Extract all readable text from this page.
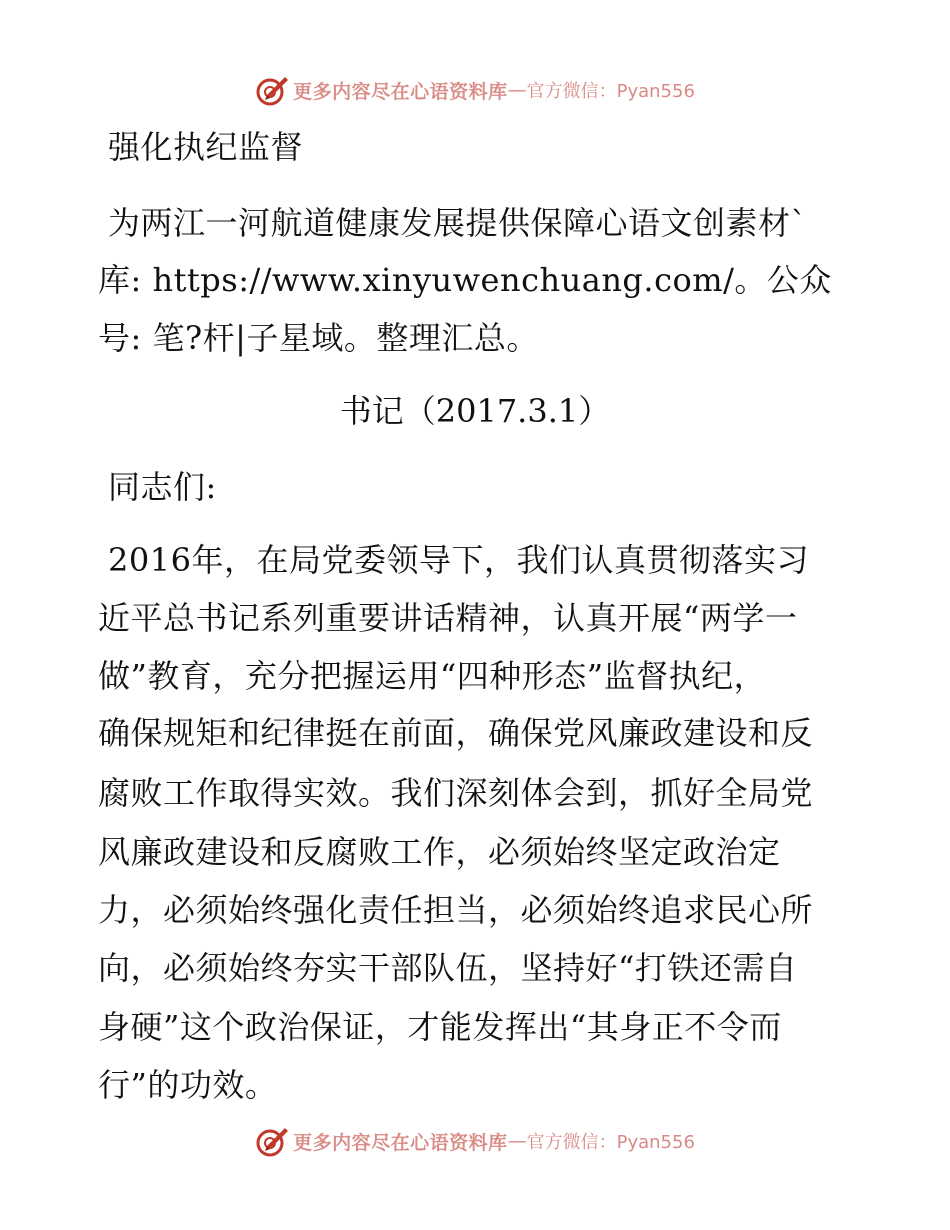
更多内容尽在心语资料库 — 官方微信：Pyan556
强化执纪监督
为两江一河航道健康发展提供保障心语文创素材`
库: https://www.xinyuwenchuang.com/。公众
号: 笔?杆|子星域。整理汇总。
书记（2017.3.1）
同志们:
2016年，在局党委领导下，我们认真贯彻落实习
近平总书记系列重要讲话精神，认真开展“两学一
做”教育，充分把握运用“四种形态”监督执纪，
确保规矩和纪律挺在前面，确保党风廉政建设和反
腐败工作取得实效。我们深刻体会到，抓好全局党
风廉政建设和反腐败工作，必须始终坚定政治定
力，必须始终强化责任担当，必须始终追求民心所
向，必须始终夯实干部队伍，坚持好“打铁还需自
身硬”这个政治保证，才能发挥出“其身正不令而
行”的功效。
更多内容尽在心语资料库 — 官方微信：Pyan556
